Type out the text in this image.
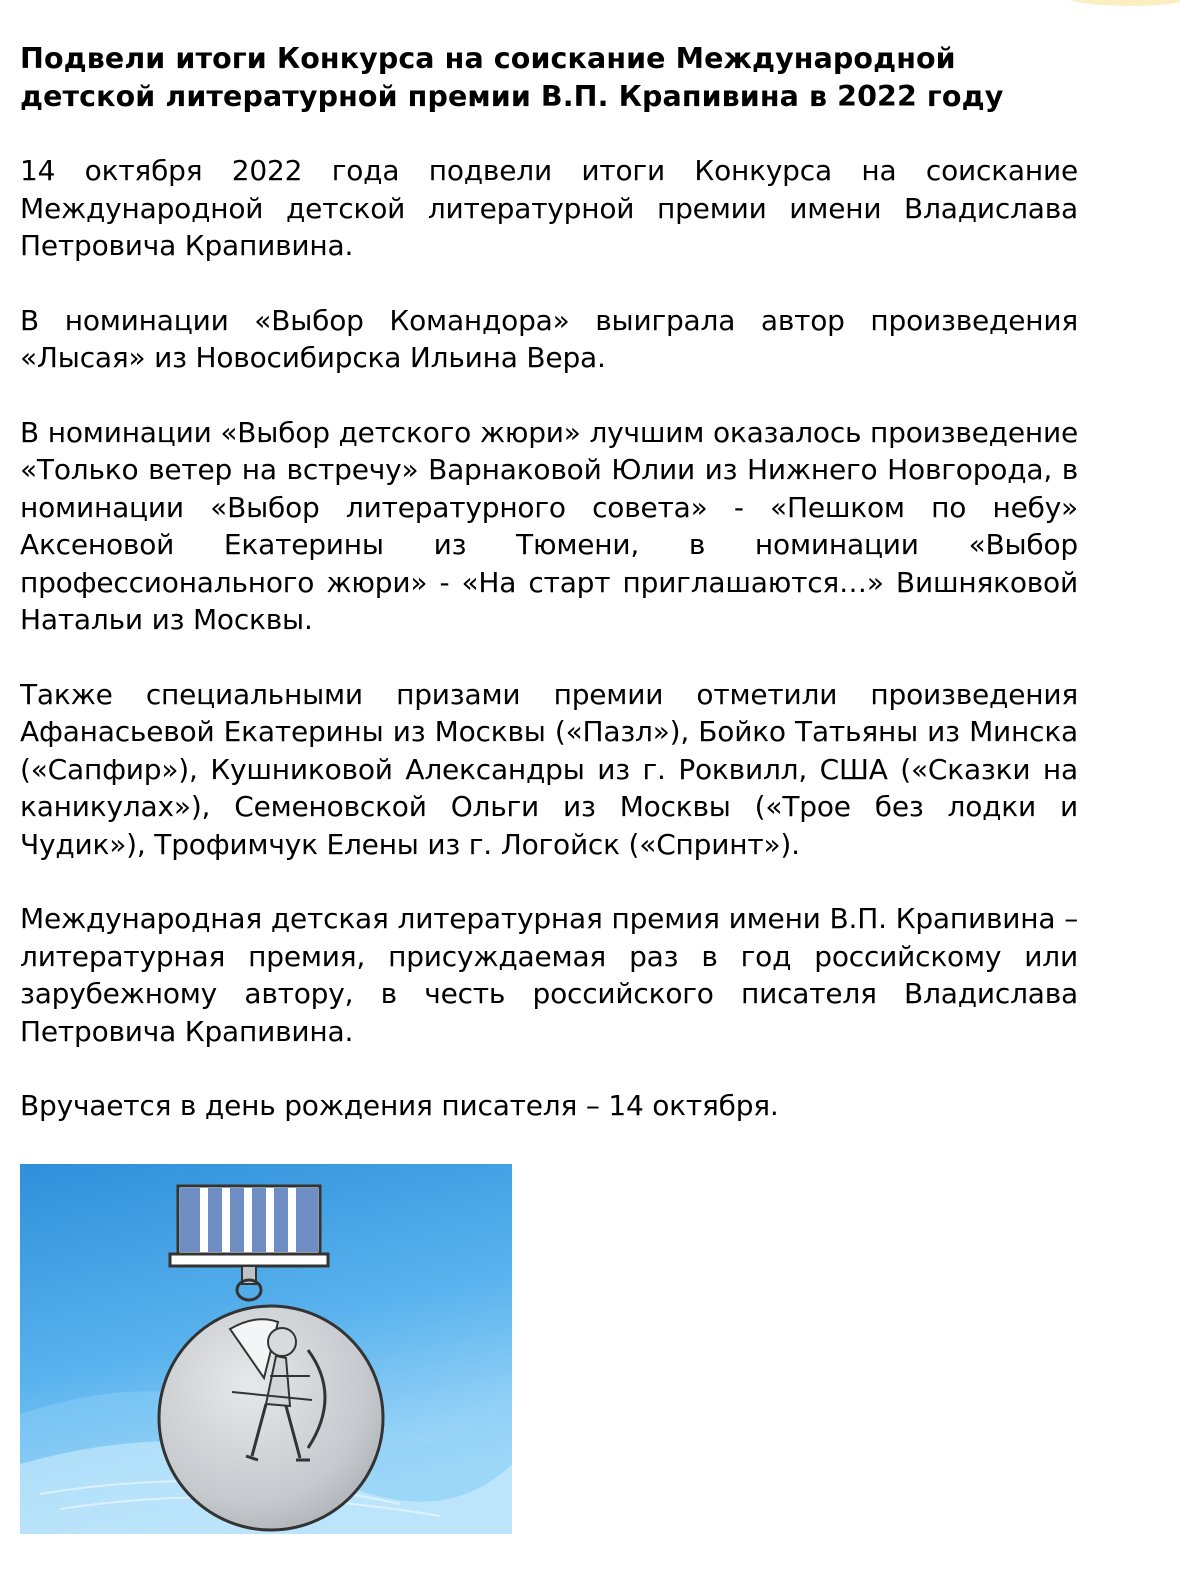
Подвели итоги Конкурса на соискание Международной детской литературной премии В.П. Крапивина в 2022 году

14 октября 2022 года подвели итоги Конкурса на соискание Международной детской литературной премии имени Владислава Петровича Крапивина.

В номинации «Выбор Командора» выиграла автор произведения «Лысая» из Новосибирска Ильина Вера.

В номинации «Выбор детского жюри» лучшим оказалось произведение «Только ветер на встречу» Варнаковой Юлии из Нижнего Новгорода, в номинации «Выбор литературного совета» - «Пешком по небу» Аксеновой Екатерины из Тюмени, в номинации «Выбор профессионального жюри» - «На старт приглашаются…» Вишняковой Натальи из Москвы.

Также специальными призами премии отметили произведения Афанасьевой Екатерины из Москвы («Пазл»), Бойко Татьяны из Минска («Сапфир»), Кушниковой Александры из г. Роквилл, США («Сказки на каникулах»), Семеновской Ольги из Москвы («Трое без лодки и Чудик»), Трофимчук Елены из г. Логойск («Спринт»).

Международная детская литературная премия имени В.П. Крапивина – литературная премия, присуждаемая раз в год российскому или зарубежному автору, в честь российского писателя Владислава Петровича Крапивина.

Вручается в день рождения писателя – 14 октября.
